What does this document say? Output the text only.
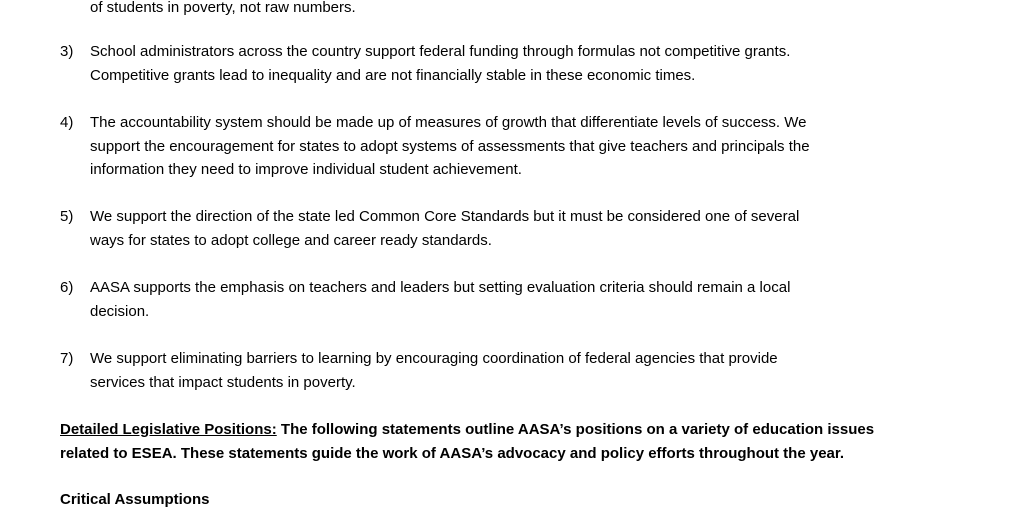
of students in poverty, not raw numbers.
3)	School administrators across the country support federal funding through formulas not competitive grants.
Competitive grants lead to inequality and are not financially stable in these economic times.
4)	The accountability system should be made up of measures of growth that differentiate levels of success. We
support the encouragement for states to adopt systems of assessments that give teachers and principals the
information they need to improve individual student achievement.
5)	We support the direction of the state led Common Core Standards but it must be considered one of several
ways for states to adopt college and career ready standards.
6)	AASA supports the emphasis on teachers and leaders but setting evaluation criteria should remain a local
decision.
7)	We support eliminating barriers to learning by encouraging coordination of federal agencies that provide
services that impact students in poverty.
Detailed Legislative Positions: The following statements outline AASA’s positions on a variety of education issues
related to ESEA. These statements guide the work of AASA’s advocacy and policy efforts throughout the year.
Critical Assumptions
